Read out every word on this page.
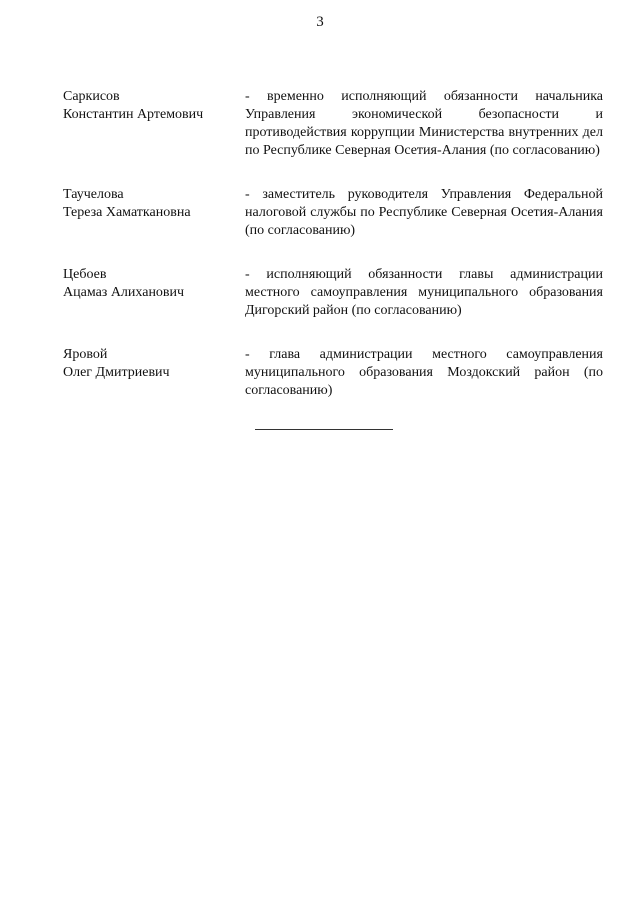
3
Саркисов
Константин Артемович
- временно исполняющий обязанности начальника Управления экономической безопасности и противодействия коррупции Министерства внутренних дел по Республике Северная Осетия-Алания (по согласованию)
Таучелова
Тереза Хаматкановна
- заместитель руководителя Управления Федеральной налоговой службы по Республике Северная Осетия-Алания (по согласованию)
Цебоев
Ацамаз Алиханович
- исполняющий обязанности главы администрации местного самоуправления муниципального образования Дигорский район (по согласованию)
Яровой
Олег Дмитриевич
- глава администрации местного самоуправления муниципального образования Моздокский район (по согласованию)
